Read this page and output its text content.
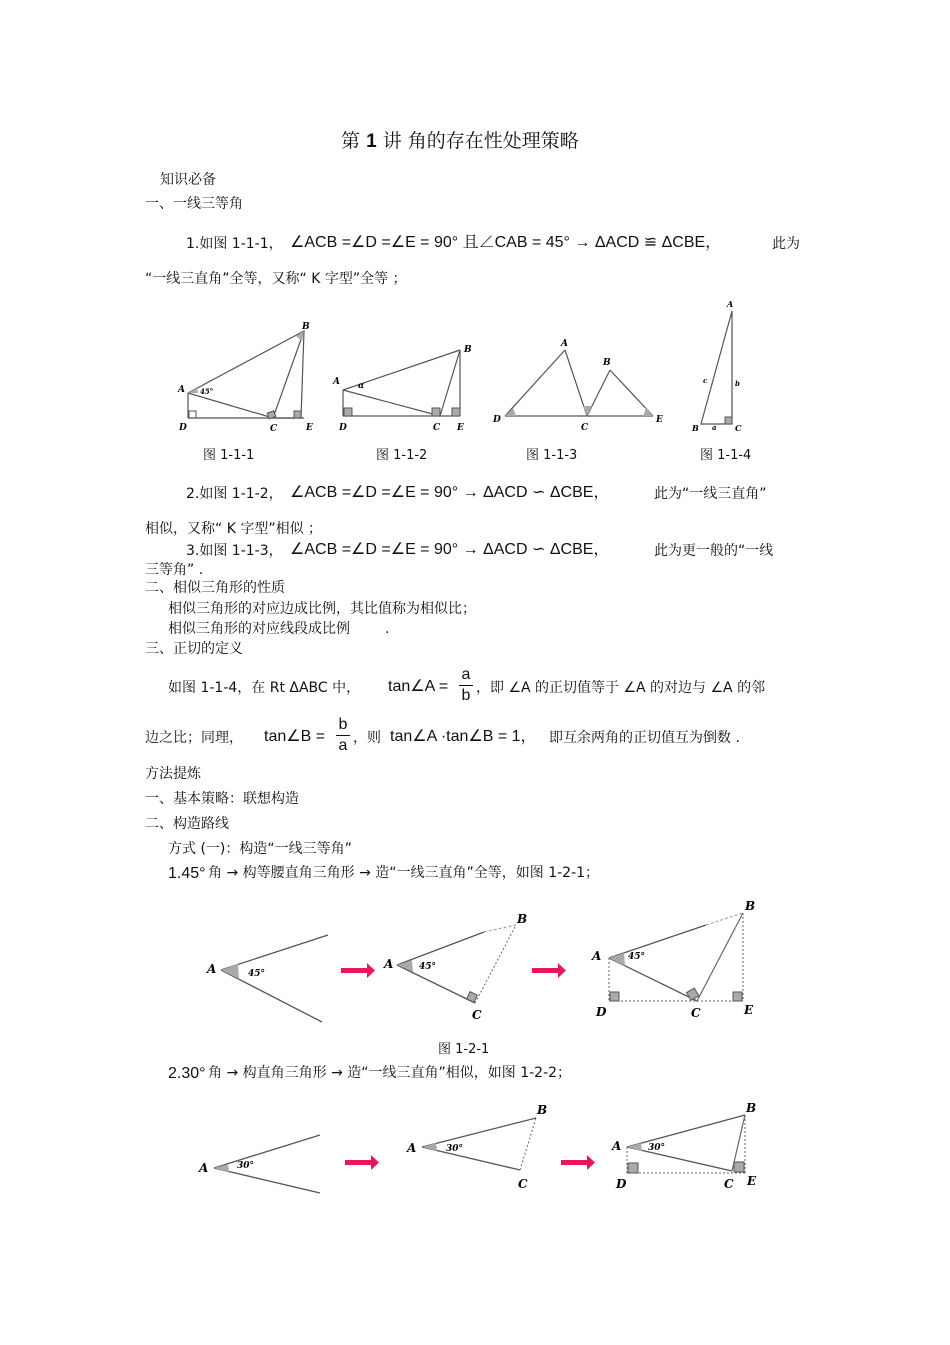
第 1 讲 角的存在性处理策略
知识必备
一、一线三等角
1.如图 1-1-1， ∠ACB =∠D =∠E = 90° 且∠CAB = 45° → ΔACD ≌ ΔCBE，	此为
“一线三直角”全等，又称“ K 字型”全等 ；
A
B
C
D	E
45°
A
B
C
D	E
α
A
B
C
D	E
A
B	C
a
b
c
图 1-1-1	图 1-1-2	图 1-1-3	图 1-1-4
2.如图 1-1-2， ∠ACB =∠D =∠E = 90° → ΔACD ∽ ΔCBE，	此为“一线三直角”
相似，又称“ K 字型”相似 ；
3.如图 1-1-3， ∠ACB =∠D =∠E = 90° → ΔACD ∽ ΔCBE，	此为更一般的“一线
三等角” .
二、相似三角形的性质
相似三角形的对应边成比例，其比值称为相似比；
相似三角形的对应线段成比例	.
三、正切的定义
如图 1-1-4，在 Rt ΔABC 中， tan∠A =
a
b ，即 ∠A 的正切值等于 ∠A 的对边与 ∠A 的邻
边之比；同理， tan∠B =
b
a ，则 tan∠A ·tan∠B = 1， 即互余两角的正切值互为倒数 .
方法提炼
一、基本策略：联想构造
二、构造路线
方式 (一)：构造“一线三等角”
1.45° 角 → 构等腰直角三角形 → 造“一线三直角”全等，如图 1-2-1；
A	45°
A
B
C
45°
A
B
C
D	E
45°
图 1-2-1
2.30° 角 → 构直角三角形 → 造“一线三直角”相似，如图 1-2-2；
A	30°
A
B
C
30°	A
B
C
D	E
30°
